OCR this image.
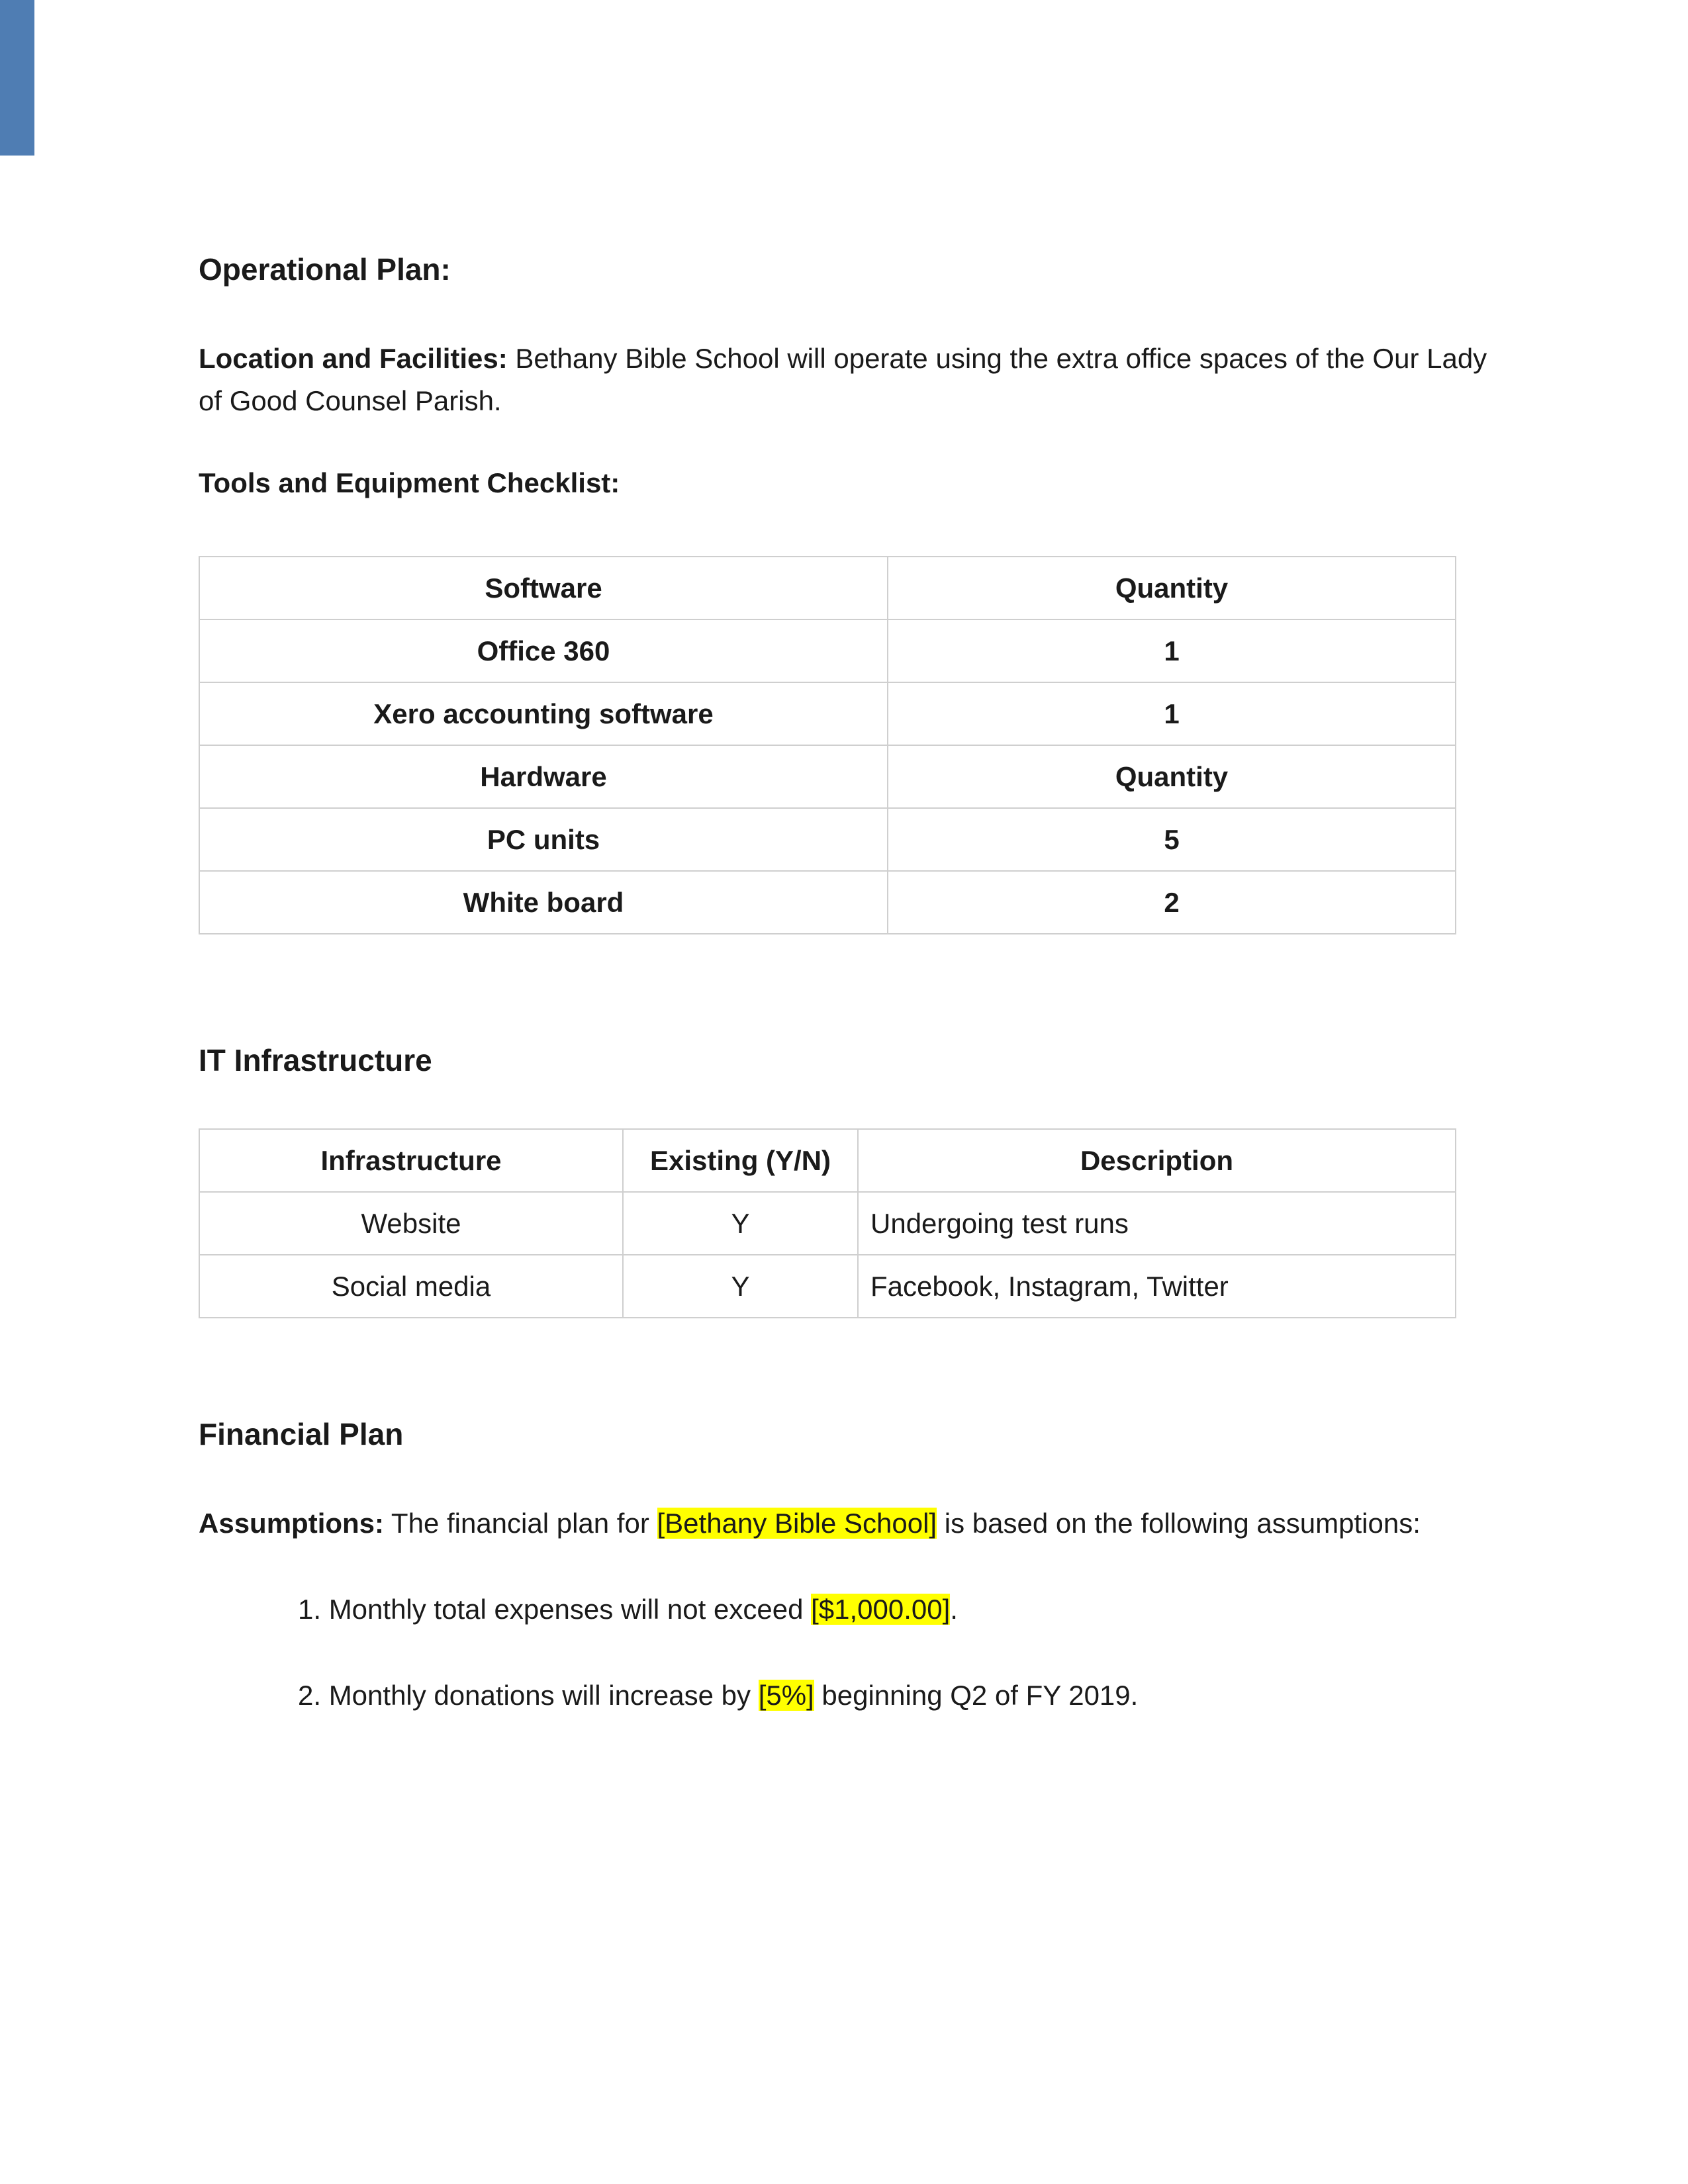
Operational Plan:

Location and Facilities: Bethany Bible School will operate using the extra office spaces of the Our Lady of Good Counsel Parish.

Tools and Equipment Checklist:
Software	Quantity
Office 360	1
Xero accounting software	1
Hardware	Quantity
PC units	5
White board	2
IT Infrastructure
Infrastructure	Existing (Y/N)	Description
Website	Y	Undergoing test runs
Social media	Y	Facebook, Instagram, Twitter
Financial Plan

Assumptions: The financial plan for [Bethany Bible School] is based on the following assumptions:

1. Monthly total expenses will not exceed [$1,000.00].

2. Monthly donations will increase by [5%] beginning Q2 of FY 2019.
